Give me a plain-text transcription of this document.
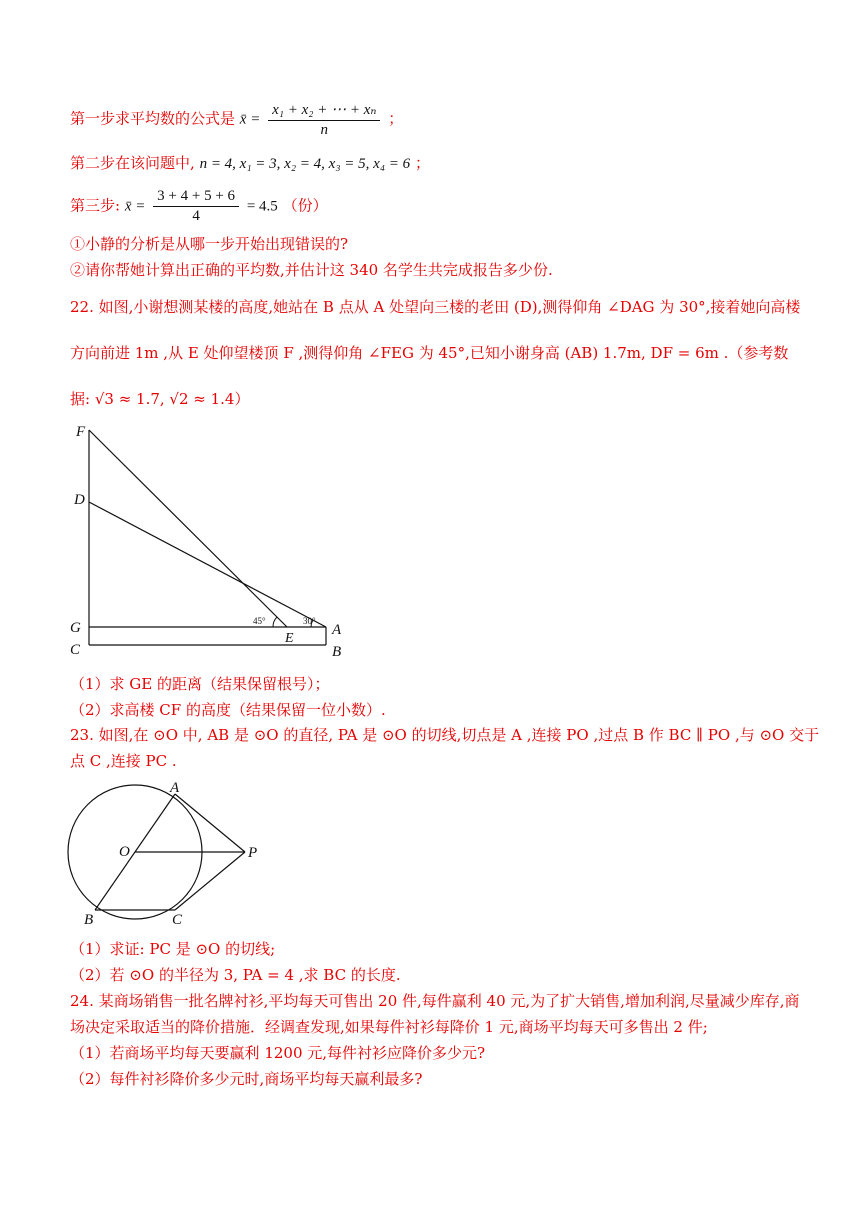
第一步求平均数的公式是 x̄ = $\frac{\text{x₁ + x₂ + ⋯ + xₙ}}{n}$ ；
第二步在该问题中, n = 4, x₁ = 3, x₂ = 4, x₃ = 5, x₄ = 6 ；
第三步: x̄ = $\frac{3 + 4 + 5 + 6}{4} = 4.5$ （份）
①小静的分析是从哪一步开始出现错误的?
②请你帮她计算出正确的平均数,并估计这 340 名学生共完成报告多少份.
22. 如图,小谢想测某楼的高度,她站在 B 点从 A 处望向三楼的老田 (D),测得仰角 ∠DAG 为 30°,接着她向高楼
方向前进 1m ,从 E 处仰望楼顶 F ,测得仰角 ∠FEG 为 45°,已知小谢身高 (AB) 1.7m, DF = 6m .（参考数
据: √3 ≈ 1.7, √2 ≈ 1.4）
F
D
G
C
E
A
B
45°	30°
（1）求 GE 的距离（结果保留根号）；
（2）求高楼 CF 的高度（结果保留一位小数）.
23. 如图,在 ⊙O 中, AB 是 ⊙O 的直径, PA 是 ⊙O 的切线,切点是 A ,连接 PO ,过点 B 作 BC ∥ PO ,与 ⊙O 交于
点 C ,连接 PC .
A
O	P
B	C
（1）求证: PC 是 ⊙O 的切线;
（2）若 ⊙O 的半径为 3, PA = 4 ,求 BC 的长度.
24. 某商场销售一批名牌衬衫,平均每天可售出 20 件,每件赢利 40 元,为了扩大销售,增加利润,尽量减少库存,商
场决定采取适当的降价措施．经调查发现,如果每件衬衫每降价 1 元,商场平均每天可多售出 2 件;
（1）若商场平均每天要赢利 1200 元,每件衬衫应降价多少元?
（2）每件衬衫降价多少元时,商场平均每天赢利最多?
